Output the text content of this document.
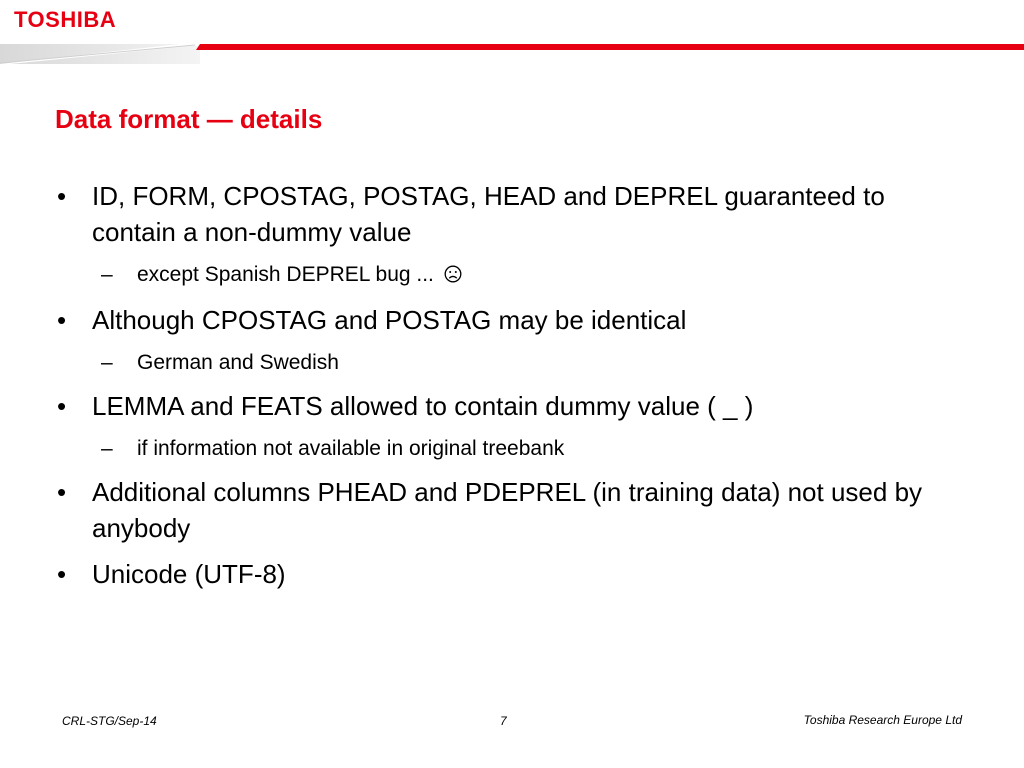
TOSHIBA
Data format — details
• ID, FORM, CPOSTAG, POSTAG, HEAD and DEPREL guaranteed to contain a non-dummy value
– except Spanish DEPREL bug ...
• Although CPOSTAG and POSTAG may be identical
– German and Swedish
• LEMMA and FEATS allowed to contain dummy value ( _ )
– if information not available in original treebank
• Additional columns PHEAD and PDEPREL (in training data) not used by anybody
• Unicode (UTF-8)
CRL-STG/Sep-14	7	Toshiba Research Europe Ltd
